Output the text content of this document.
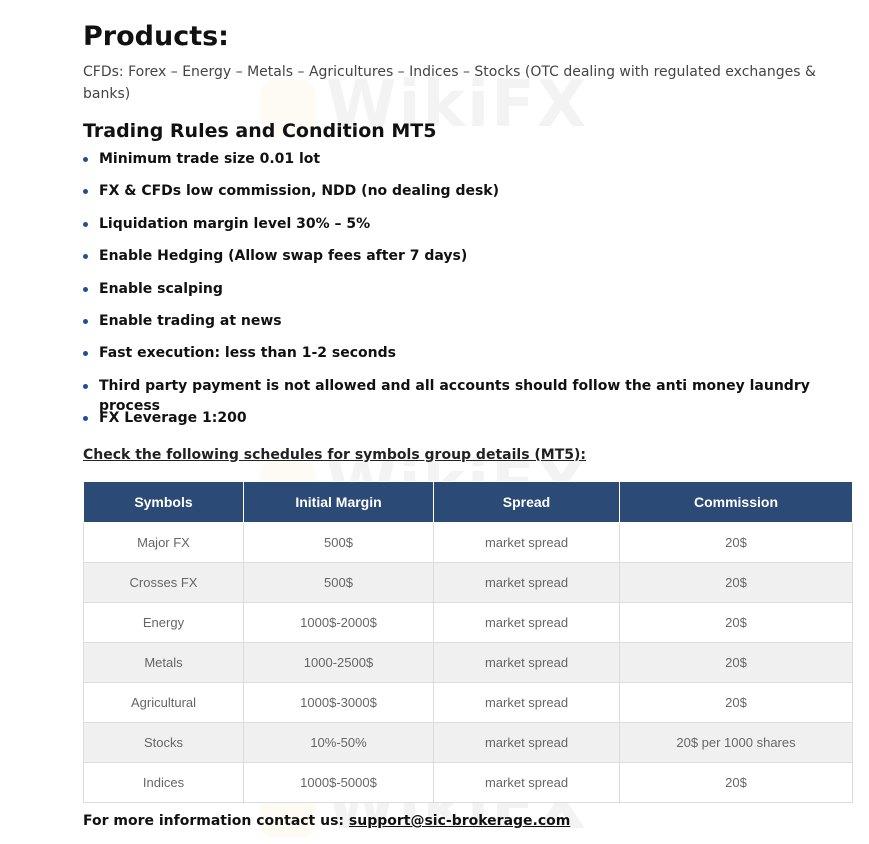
Products:
CFDs: Forex – Energy – Metals – Agricultures – Indices – Stocks (OTC dealing with regulated exchanges & banks)
Trading Rules and Condition MT5
Minimum trade size 0.01 lot
FX & CFDs low commission, NDD (no dealing desk)
Liquidation margin level 30% – 5%
Enable Hedging (Allow swap fees after 7 days)
Enable scalping
Enable trading at news
Fast execution: less than 1-2 seconds
Third party payment is not allowed and all accounts should follow the anti money laundry process
FX Leverage 1:200
Check the following schedules for symbols group details (MT5):
Symbols	Initial Margin	Spread	Commission
Major FX	500$	market spread	20$
Crosses FX	500$	market spread	20$
Energy	1000$-2000$	market spread	20$
Metals	1000-2500$	market spread	20$
Agricultural	1000$-3000$	market spread	20$
Stocks	10%-50%	market spread	20$ per 1000 shares
Indices	1000$-5000$	market spread	20$
For more information contact us: support@sic-brokerage.com
